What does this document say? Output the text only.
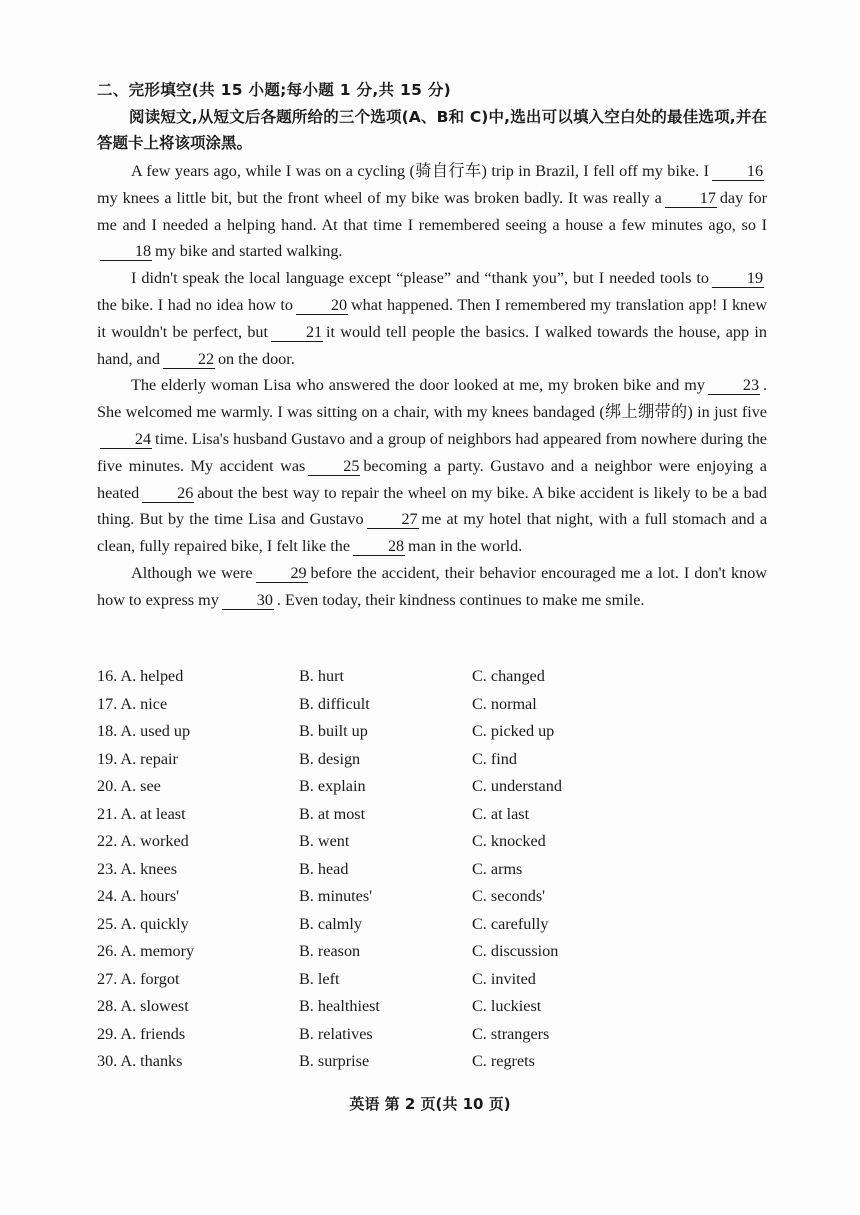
二、完形填空(共 15 小题;每小题 1 分,共 15 分)
阅读短文,从短文后各题所给的三个选项(A、B和 C)中,选出可以填入空白处的最佳选项,并在答题卡上将该项涂黑。

A few years ago, while I was on a cycling (骑自行车) trip in Brazil, I fell off my bike. I 16my knees a little bit, but the front wheel of my bike was broken badly. It was really a 17 day for me and I needed a helping hand. At that time I remembered seeing a house a few minutes ago, so I18 my bike and started walking.

I didn't speak the local language except “please” and “thank you”, but I needed tools to 19the bike. I had no idea how to 20 what happened. Then I remembered my translation app! I knew it wouldn't be perfect, but 21 it would tell people the basics. I walked towards the house, app in hand, and 22 on the door.

The elderly woman Lisa who answered the door looked at me, my broken bike and my 23 . She welcomed me warmly. I was sitting on a chair, with my knees bandaged (绑上绷带的) in just five24 time. Lisa's husband Gustavo and a group of neighbors had appeared from nowhere during the five minutes. My accident was 25 becoming a party. Gustavo and a neighbor were enjoying a heated 26 about the best way to repair the wheel on my bike. A bike accident is likely to be a bad thing. But by the time Lisa and Gustavo 27 me at my hotel that night, with a full stomach and a clean, fully repaired bike, I felt like the 28 man in the world.

Although we were 29 before the accident, their behavior encouraged me a lot. I don't know how to express my 30 . Even today, their kindness continues to make me smile.

16. A. helped	B. hurt	C. changed
17. A. nice	B. difficult	C. normal
18. A. used up	B. built up	C. picked up
19. A. repair	B. design	C. find
20. A. see	B. explain	C. understand
21. A. at least	B. at most	C. at last
22. A. worked	B. went	C. knocked
23. A. knees	B. head	C. arms
24. A. hours'	B. minutes'	C. seconds'
25. A. quickly	B. calmly	C. carefully
26. A. memory	B. reason	C. discussion
27. A. forgot	B. left	C. invited
28. A. slowest	B. healthiest	C. luckiest
29. A. friends	B. relatives	C. strangers
30. A. thanks	B. surprise	C. regrets
英语 第 2 页(共 10 页)
